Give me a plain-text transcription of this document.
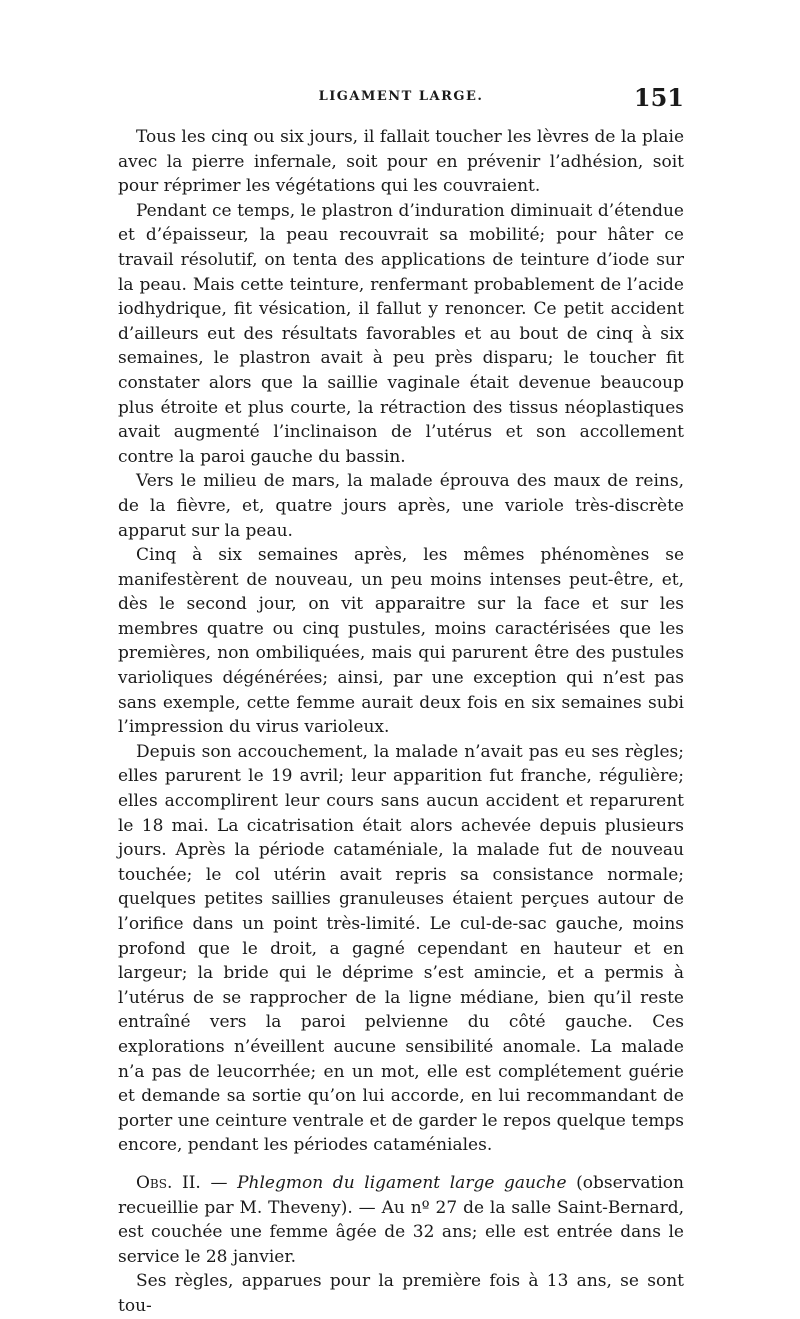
LIGAMENT LARGE.	151

Tous les cinq ou six jours, il fallait toucher les lèvres de la plaie avec la pierre infernale, soit pour en prévenir l’adhésion, soit pour réprimer les végétations qui les couvraient.

Pendant ce temps, le plastron d’induration diminuait d’étendue et d’épaisseur, la peau recouvrait sa mobilité; pour hâter ce travail résolutif, on tenta des applications de teinture d’iode sur la peau. Mais cette teinture, renfermant probablement de l’acide iodhydrique, fit vésication, il fallut y renoncer. Ce petit accident d’ailleurs eut des résultats favorables et au bout de cinq à six semaines, le plastron avait à peu près disparu; le toucher fit constater alors que la saillie vaginale était devenue beaucoup plus étroite et plus courte, la rétraction des tissus néoplastiques avait augmenté l’inclinaison de l’utérus et son accollement contre la paroi gauche du bassin.

Vers le milieu de mars, la malade éprouva des maux de reins, de la fièvre, et, quatre jours après, une variole très-discrète apparut sur la peau.

Cinq à six semaines après, les mêmes phénomènes se manifestèrent de nouveau, un peu moins intenses peut-être, et, dès le second jour, on vit apparaitre sur la face et sur les membres quatre ou cinq pustules, moins caractérisées que les premières, non ombiliquées, mais qui parurent être des pustules varioliques dégénérées; ainsi, par une exception qui n’est pas sans exemple, cette femme aurait deux fois en six semaines subi l’impression du virus varioleux.

Depuis son accouchement, la malade n’avait pas eu ses règles; elles parurent le 19 avril; leur apparition fut franche, régulière; elles accomplirent leur cours sans aucun accident et reparurent le 18 mai. La cicatrisation était alors achevée depuis plusieurs jours. Après la période cataméniale, la malade fut de nouveau touchée; le col utérin avait repris sa consistance normale; quelques petites saillies granuleuses étaient perçues autour de l’orifice dans un point très-limité. Le cul-de-sac gauche, moins profond que le droit, a gagné cependant en hauteur et en largeur; la bride qui le déprime s’est amincie, et a permis à l’utérus de se rapprocher de la ligne médiane, bien qu’il reste entraîné vers la paroi pelvienne du côté gauche. Ces explorations n’éveillent aucune sensibilité anomale. La malade n’a pas de leucorrhée; en un mot, elle est complétement guérie et demande sa sortie qu’on lui accorde, en lui recommandant de porter une ceinture ventrale et de garder le repos quelque temps encore, pendant les périodes cataméniales.

Obs. II. — Phlegmon du ligament large gauche (observation recueillie par M. Theveny). — Au nº 27 de la salle Saint-Bernard, est couchée une femme âgée de 32 ans; elle est entrée dans le service le 28 janvier.

Ses règles, apparues pour la première fois à 13 ans, se sont tou-
